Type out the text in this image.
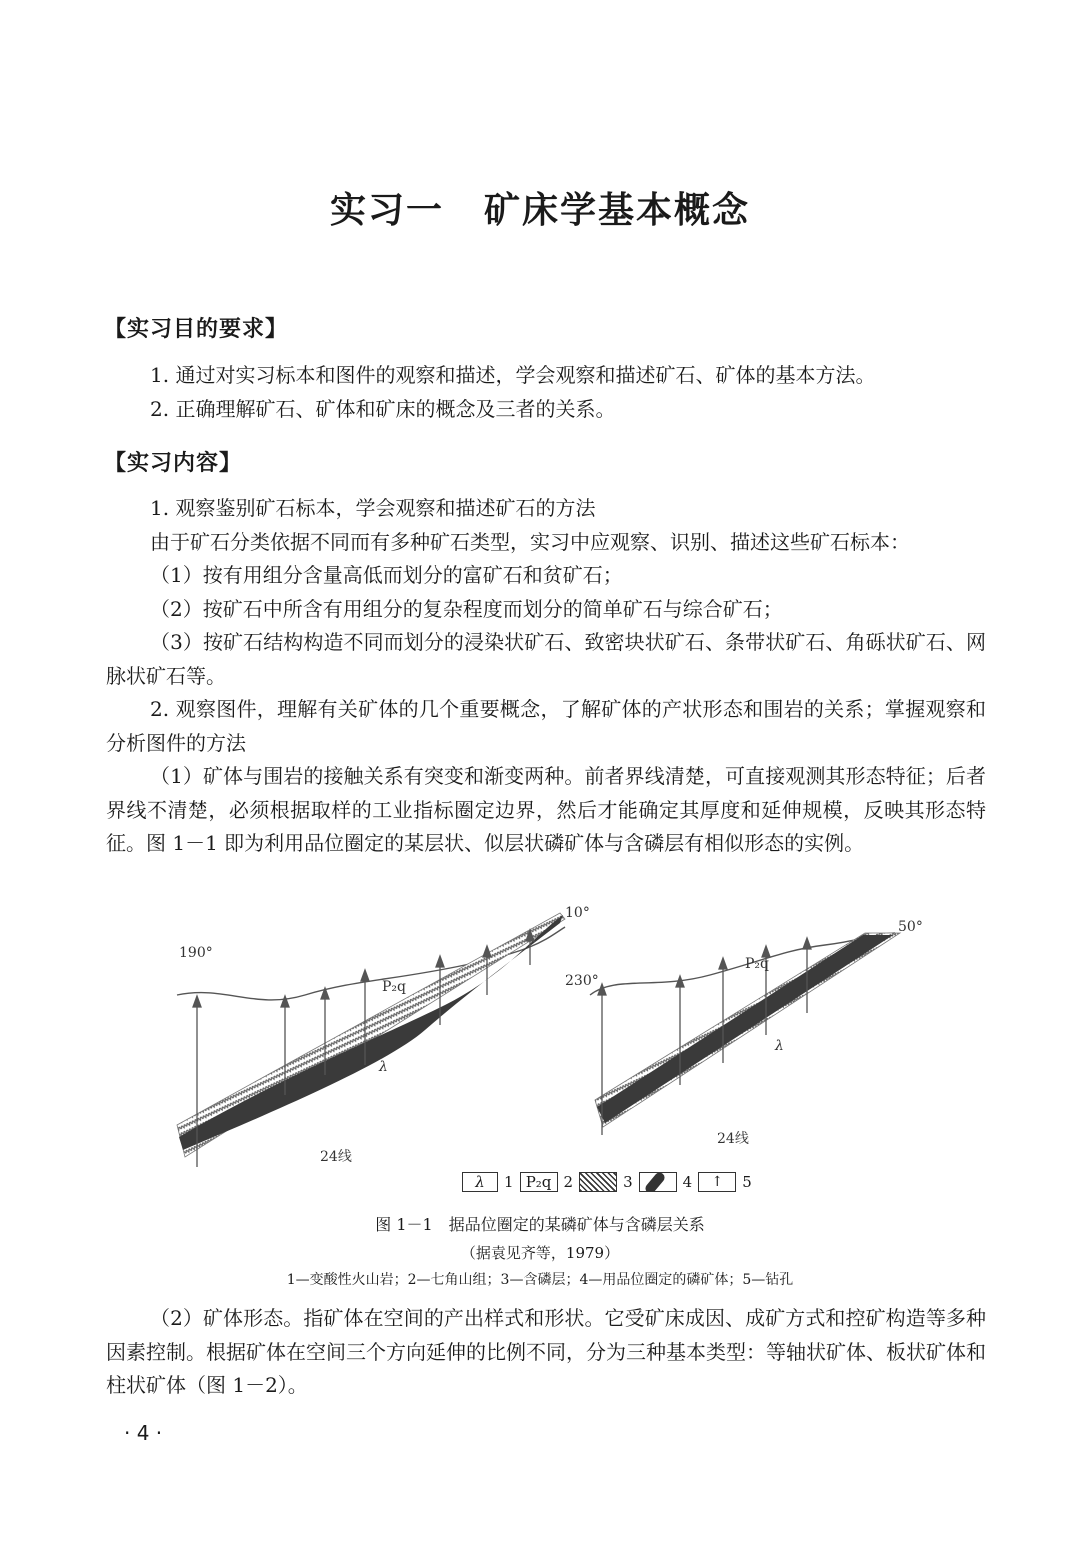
实习一 矿床学基本概念
【实习目的要求】

1. 通过对实习标本和图件的观察和描述，学会观察和描述矿石、矿体的基本方法。

2. 正确理解矿石、矿体和矿床的概念及三者的关系。

【实习内容】

1. 观察鉴别矿石标本，学会观察和描述矿石的方法

由于矿石分类依据不同而有多种矿石类型，实习中应观察、识别、描述这些矿石标本：

（1）按有用组分含量高低而划分的富矿石和贫矿石；

（2）按矿石中所含有用组分的复杂程度而划分的简单矿石与综合矿石；

（3）按矿石结构构造不同而划分的浸染状矿石、致密块状矿石、条带状矿石、角砾状矿石、网脉状矿石等。

2. 观察图件，理解有关矿体的几个重要概念，了解矿体的产状形态和围岩的关系；掌握观察和分析图件的方法

（1）矿体与围岩的接触关系有突变和渐变两种。前者界线清楚，可直接观测其形态特征；后者界线不清楚，必须根据取样的工业指标圈定边界，然后才能确定其厚度和延伸规模，反映其形态特征。图 1－1 即为利用品位圈定的某层状、似层状磷矿体与含磷层有相似形态的实例。

190°
10°
P₂q
λ
24线
230°
50°
P₂q
λ
24线
λ	1 P₂q 2	3	4	↑	5
图 1－1　据品位圈定的某磷矿体与含磷层关系
（据袁见齐等，1979）
1—变酸性火山岩；2—七角山组；3—含磷层；4—用品位圈定的磷矿体；5—钻孔

（2）矿体形态。指矿体在空间的产出样式和形状。它受矿床成因、成矿方式和控矿构造等多种因素控制。根据矿体在空间三个方向延伸的比例不同，分为三种基本类型：等轴状矿体、板状矿体和柱状矿体（图 1－2）。

· 4 ·
